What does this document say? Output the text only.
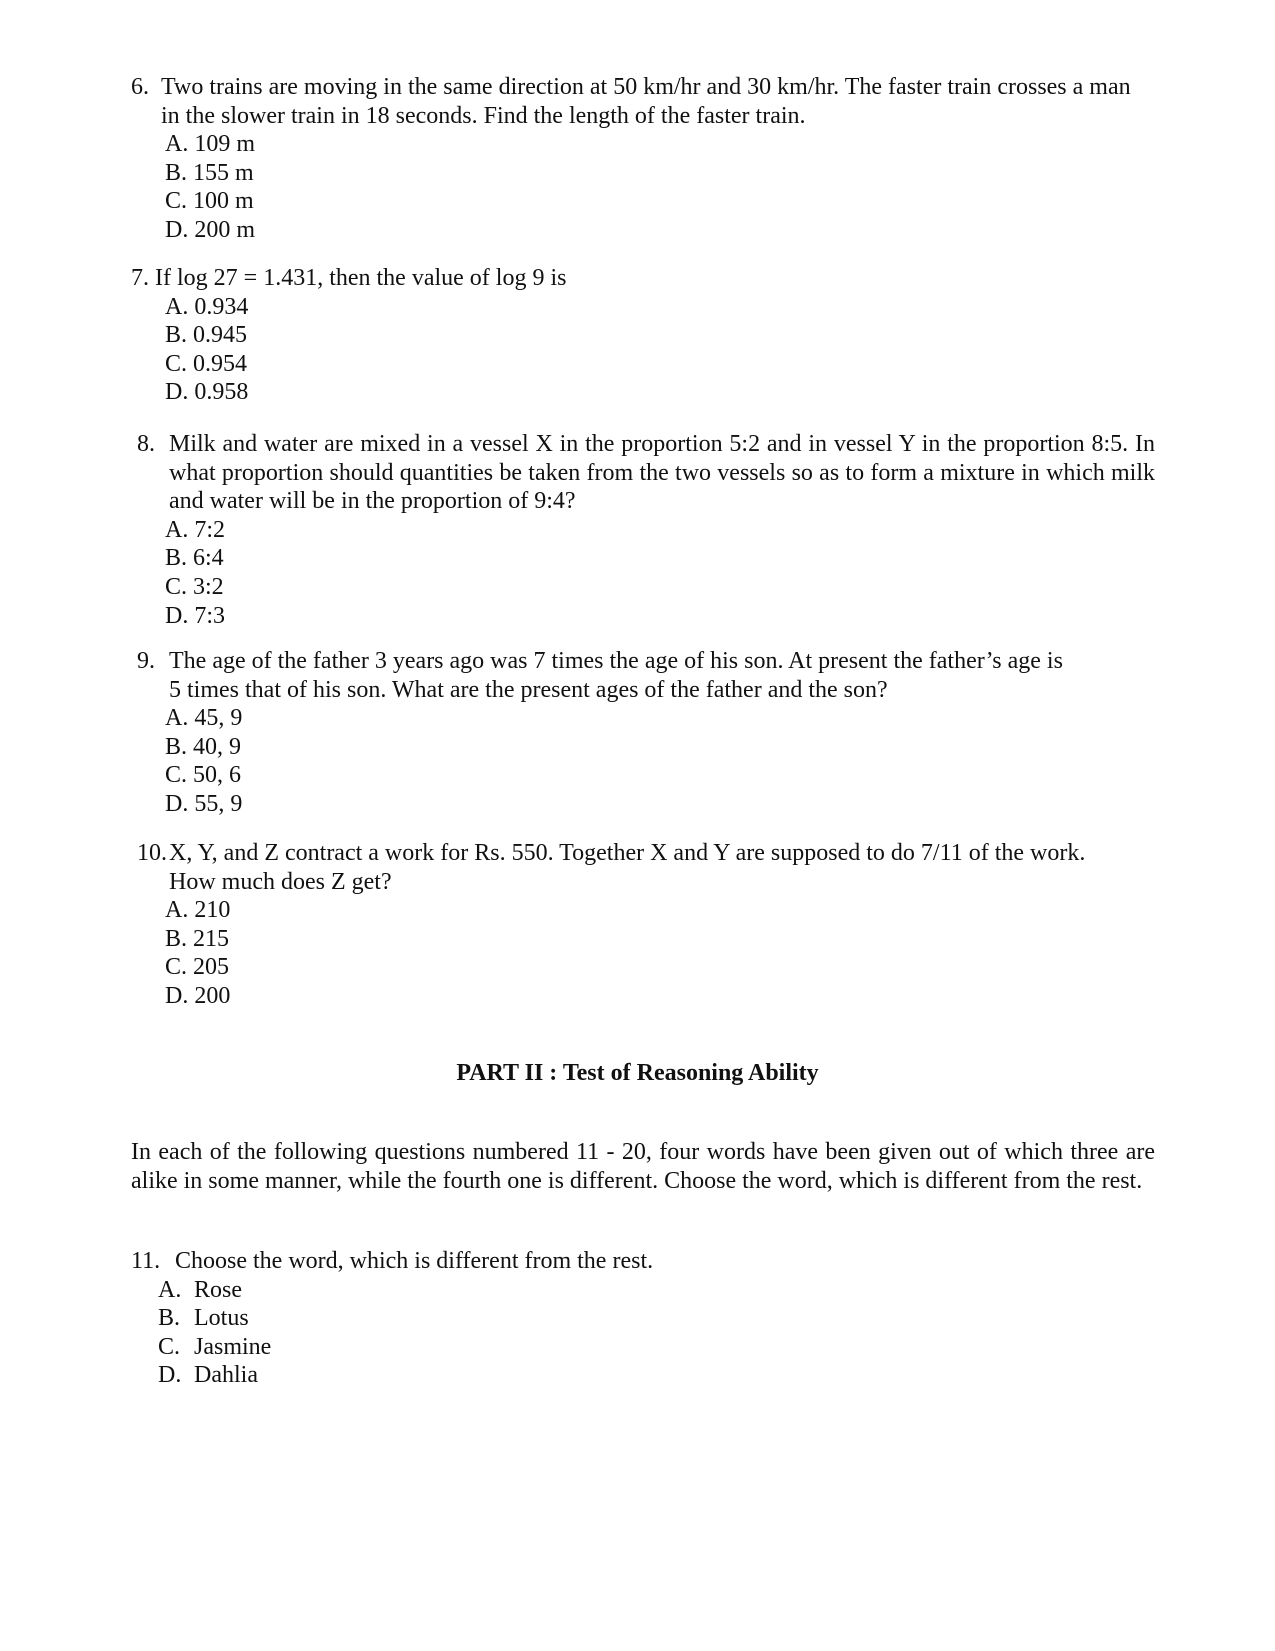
6. Two trains are moving in the same direction at 50 km/hr and 30 km/hr. The faster train crosses a man
in the slower train in 18 seconds. Find the length of the faster train.
A. 109 m
B. 155 m
C. 100 m
D. 200 m
7. If log 27 = 1.431, then the value of log 9 is
A. 0.934
B. 0.945
C. 0.954
D. 0.958
8. Milk and water are mixed in a vessel X in the proportion 5:2 and in vessel Y in the proportion 8:5. In what proportion should quantities be taken from the two vessels so as to form a mixture in which milk and water will be in the proportion of 9:4?
A. 7:2
B. 6:4
C. 3:2
D. 7:3
9. The age of the father 3 years ago was 7 times the age of his son. At present the father’s age is
5 times that of his son. What are the present ages of the father and the son?
A. 45, 9
B. 40, 9
C. 50, 6
D. 55, 9
10.X, Y, and Z contract a work for Rs. 550. Together X and Y are supposed to do 7/11 of the work.
How much does Z get?
A. 210
B. 215
C. 205
D. 200
PART II : Test of Reasoning Ability
In each of the following questions numbered 11 - 20, four words have been given out of which three are alike in some manner, while the fourth one is different. Choose the word, which is different from the rest.
11. Choose the word, which is different from the rest.
A. Rose
B. Lotus
C. Jasmine
D. Dahlia
